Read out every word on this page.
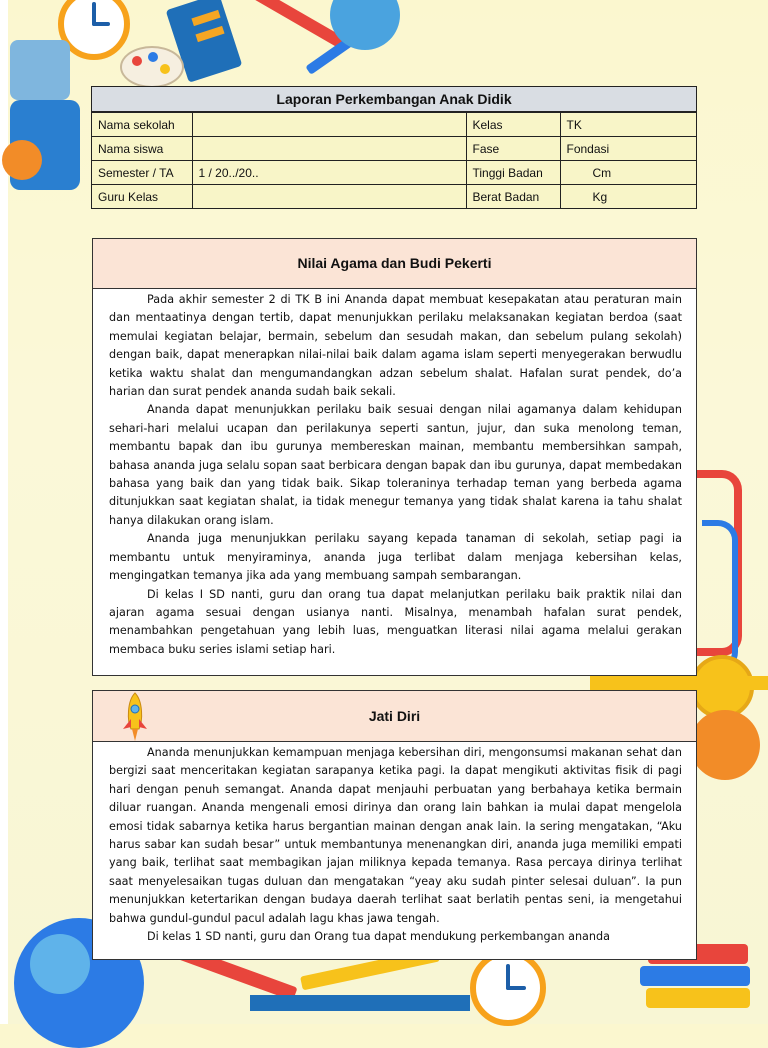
Laporan Perkembangan Anak Didik
Nama sekolah		Kelas	TK
Nama siswa		Fase	Fondasi
Semester / TA	1 / 20../20..	Tinggi Badan	Cm
Guru Kelas		Berat Badan	Kg
Nilai Agama dan Budi Pekerti

Pada akhir semester 2 di TK B ini Ananda dapat membuat kesepakatan atau peraturan main dan mentaatinya dengan tertib, dapat menunjukkan perilaku melaksanakan kegiatan berdoa (saat memulai kegiatan belajar, bermain, sebelum dan sesudah makan, dan sebelum pulang sekolah) dengan baik, dapat menerapkan nilai-nilai baik dalam agama islam seperti menyegerakan berwudlu ketika waktu shalat dan mengumandangkan adzan sebelum shalat. Hafalan surat pendek, do’a harian dan surat pendek ananda sudah baik sekali.

Ananda dapat menunjukkan perilaku baik sesuai dengan nilai agamanya dalam kehidupan sehari-hari melalui ucapan dan perilakunya seperti santun, jujur, dan suka menolong teman, membantu bapak dan ibu gurunya membereskan mainan, membantu membersihkan sampah, bahasa ananda juga selalu sopan saat berbicara dengan bapak dan ibu gurunya, dapat membedakan bahasa yang baik dan yang tidak baik. Sikap toleraninya terhadap teman yang berbeda agama ditunjukkan saat kegiatan shalat, ia tidak menegur temanya yang tidak shalat karena ia tahu shalat hanya dilakukan orang islam.

Ananda juga menunjukkan perilaku sayang kepada tanaman di sekolah, setiap pagi ia membantu untuk menyiraminya, ananda juga terlibat dalam menjaga kebersihan kelas, mengingatkan temanya jika ada yang membuang sampah sembarangan.

Di kelas I SD nanti, guru dan orang tua dapat melanjutkan perilaku baik praktik nilai dan ajaran agama sesuai dengan usianya nanti. Misalnya, menambah hafalan surat pendek, menambahkan pengetahuan yang lebih luas, menguatkan literasi nilai agama melalui gerakan membaca buku series islami setiap hari.

Jati Diri

Ananda menunjukkan kemampuan menjaga kebersihan diri, mengonsumsi makanan sehat dan bergizi saat menceritakan kegiatan sarapanya ketika pagi. Ia dapat mengikuti aktivitas fisik di pagi hari dengan penuh semangat. Ananda dapat menjauhi perbuatan yang berbahaya ketika bermain diluar ruangan. Ananda mengenali emosi dirinya dan orang lain bahkan ia mulai dapat mengelola emosi tidak sabarnya ketika harus bergantian mainan dengan anak lain. Ia sering mengatakan, “Aku harus sabar kan sudah besar” untuk membantunya menenangkan diri, ananda juga memiliki empati yang baik, terlihat saat membagikan jajan miliknya kepada temanya. Rasa percaya dirinya terlihat saat menyelesaikan tugas duluan dan mengatakan “yeay aku sudah pinter selesai duluan”. Ia pun menunjukkan ketertarikan dengan budaya daerah terlihat saat berlatih pentas seni, ia mengetahui bahwa gundul-gundul pacul adalah lagu khas jawa tengah.

Di kelas 1 SD nanti, guru dan Orang tua dapat mendukung perkembangan ananda
